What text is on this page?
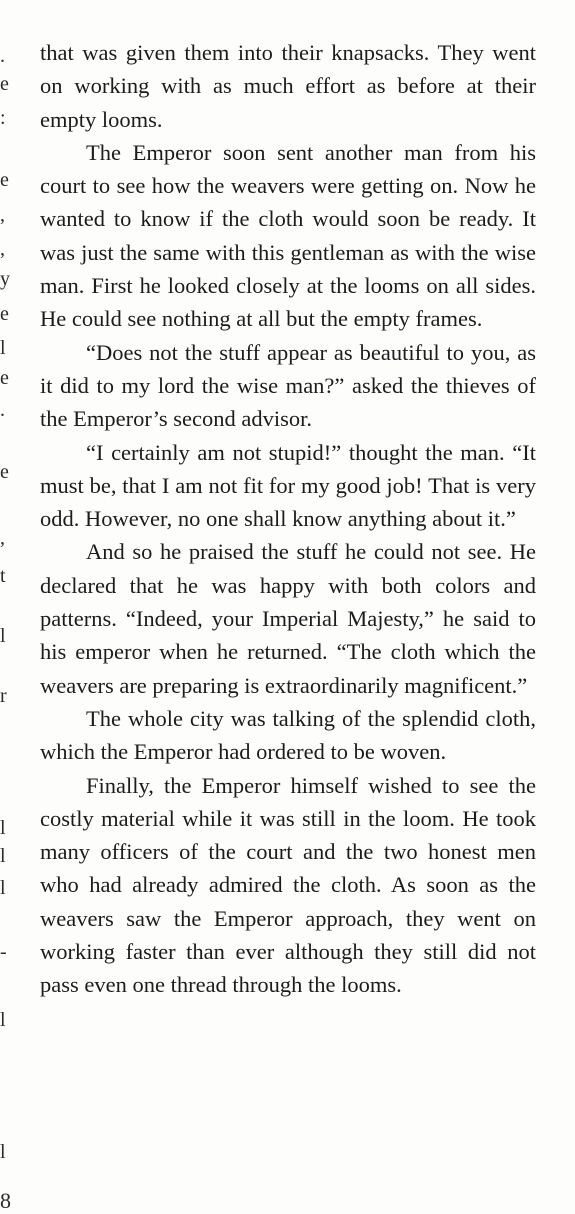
.
e
:
e
,
,
y
e
l
e
.
e
,
t
l
r
l
l
l
-
l
l

that was given them into their knapsacks. They went on working with as much effort as before at their empty looms.

The Emperor soon sent another man from his court to see how the weavers were getting on. Now he wanted to know if the cloth would soon be ready. It was just the same with this gentleman as with the wise man. First he looked closely at the looms on all sides. He could see nothing at all but the empty frames.

“Does not the stuff appear as beautiful to you, as it did to my lord the wise man?” asked the thieves of the Emperor’s second advisor.

“I certainly am not stupid!” thought the man. “It must be, that I am not fit for my good job! That is very odd. However, no one shall know anything about it.”

And so he praised the stuff he could not see. He declared that he was happy with both colors and patterns. “Indeed, your Imperial Majesty,” he said to his emperor when he returned. “The cloth which the weavers are preparing is extraordinarily magnificent.”

The whole city was talking of the splendid cloth, which the Emperor had ordered to be woven.

Finally, the Emperor himself wished to see the costly material while it was still in the loom. He took many officers of the court and the two honest men who had already admired the cloth. As soon as the weavers saw the Emperor approach, they went on working faster than ever although they still did not pass even one thread through the looms.

8
